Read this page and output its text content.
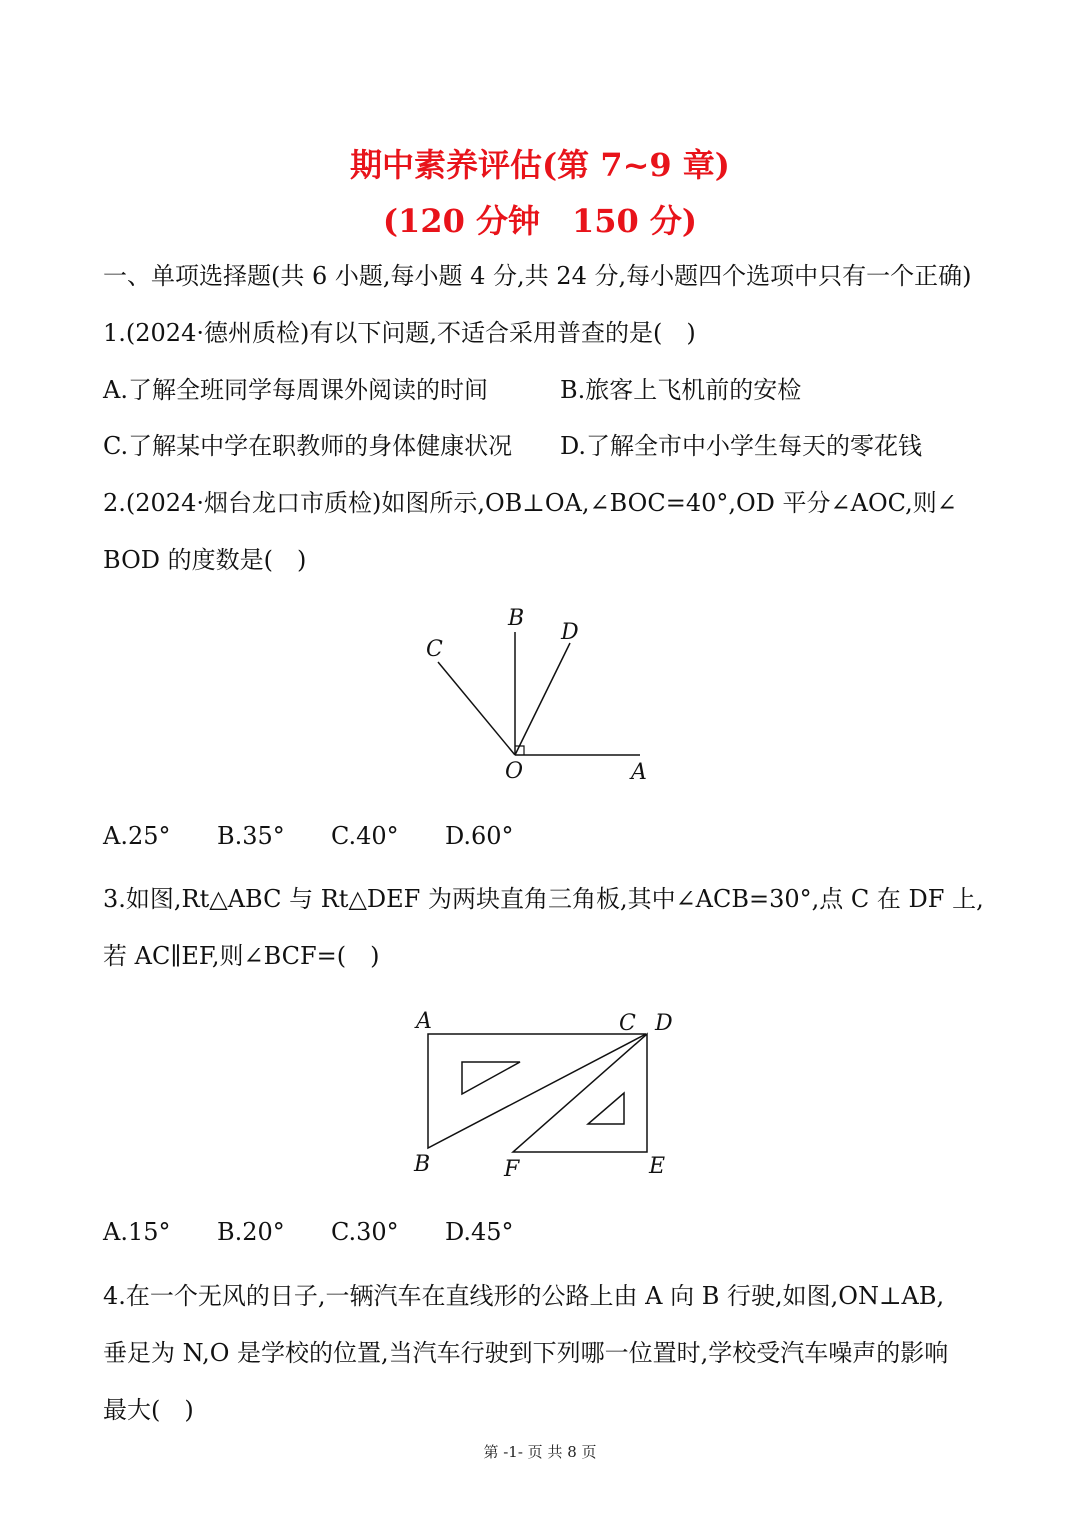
期中素养评估(第 7~9 章)
(120 分钟　150 分)
一、单项选择题(共 6 小题,每小题 4 分,共 24 分,每小题四个选项中只有一个正确)
1.(2024·德州质检)有以下问题,不适合采用普查的是(　)
A.了解全班同学每周课外阅读的时间	B.旅客上飞机前的安检
C.了解某中学在职教师的身体健康状况 D.了解全市中小学生每天的零花钱
2.(2024·烟台龙口市质检)如图所示,OB⊥OA,∠BOC=40°,OD 平分∠AOC,则∠
BOD 的度数是(　)
B
D
C
O	A
A.25° B.35° C.40° D.60°
3.如图,Rt△ABC 与 Rt△DEF 为两块直角三角板,其中∠ACB=30°,点 C 在 DF 上,
若 AC∥EF,则∠BCF=(　)
A	C D
B	F	E
A.15° B.20° C.30° D.45°
4.在一个无风的日子,一辆汽车在直线形的公路上由 A 向 B 行驶,如图,ON⊥AB,
垂足为 N,O 是学校的位置,当汽车行驶到下列哪一位置时,学校受汽车噪声的影响
最大(　)
第 -1- 页 共 8 页
